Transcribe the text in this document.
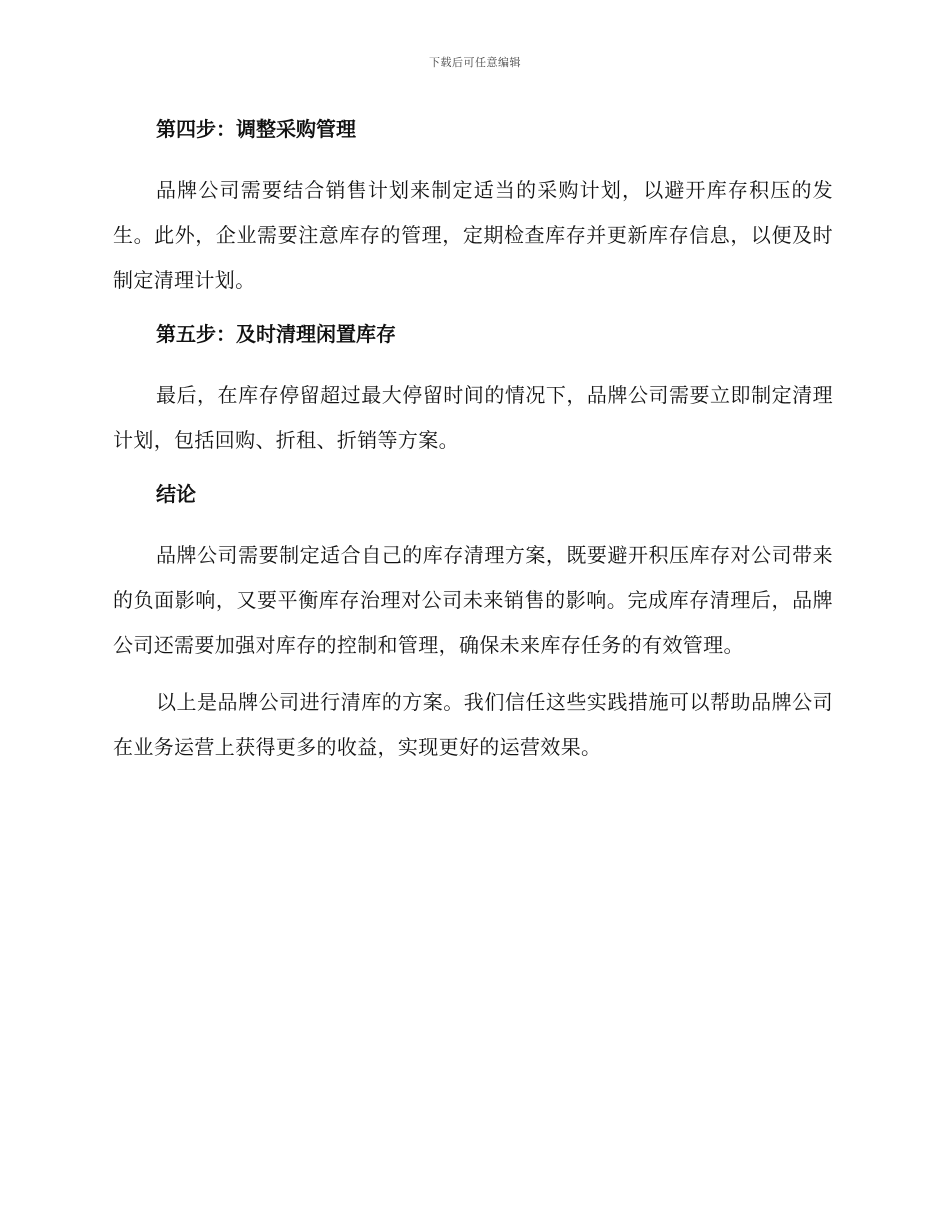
下载后可任意编辑
第四步：调整采购管理

品牌公司需要结合销售计划来制定适当的采购计划，以避开库存积压的发生。此外，企业需要注意库存的管理，定期检查库存并更新库存信息，以便及时制定清理计划。

第五步：及时清理闲置库存

最后，在库存停留超过最大停留时间的情况下，品牌公司需要立即制定清理计划，包括回购、折租、折销等方案。

结论

品牌公司需要制定适合自己的库存清理方案，既要避开积压库存对公司带来的负面影响，又要平衡库存治理对公司未来销售的影响。完成库存清理后，品牌公司还需要加强对库存的控制和管理，确保未来库存任务的有效管理。

以上是品牌公司进行清库的方案。我们信任这些实践措施可以帮助品牌公司在业务运营上获得更多的收益，实现更好的运营效果。
